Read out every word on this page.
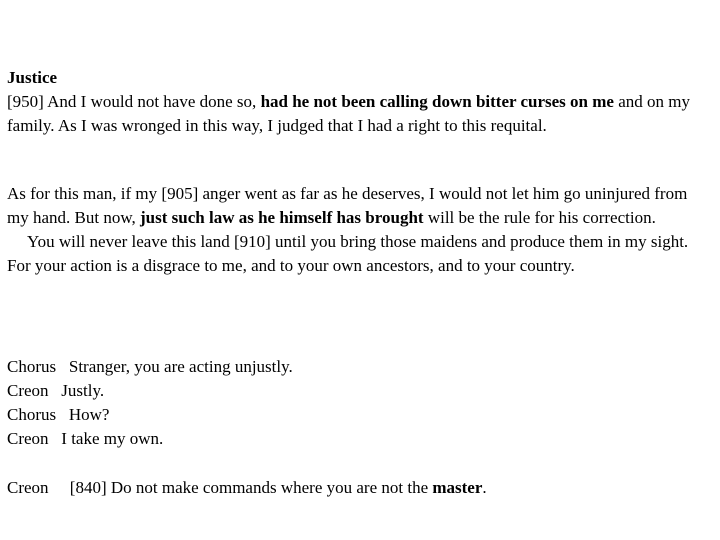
Justice
[950] And I would not have done so, had he not been calling down bitter curses on me and on my family. As I was wronged in this way, I judged that I had a right to this requital.
As for this man, if my [905] anger went as far as he deserves, I would not let him go uninjured from my hand. But now, just such law as he himself has brought will be the rule for his correction.
You will never leave this land [910] until you bring those maidens and produce them in my sight. For your action is a disgrace to me, and to your own ancestors, and to your country.
Chorus Stranger, you are acting unjustly.
Creon Justly.
Chorus How?
Creon I take my own.
Creon [840] Do not make commands where you are not the master.
